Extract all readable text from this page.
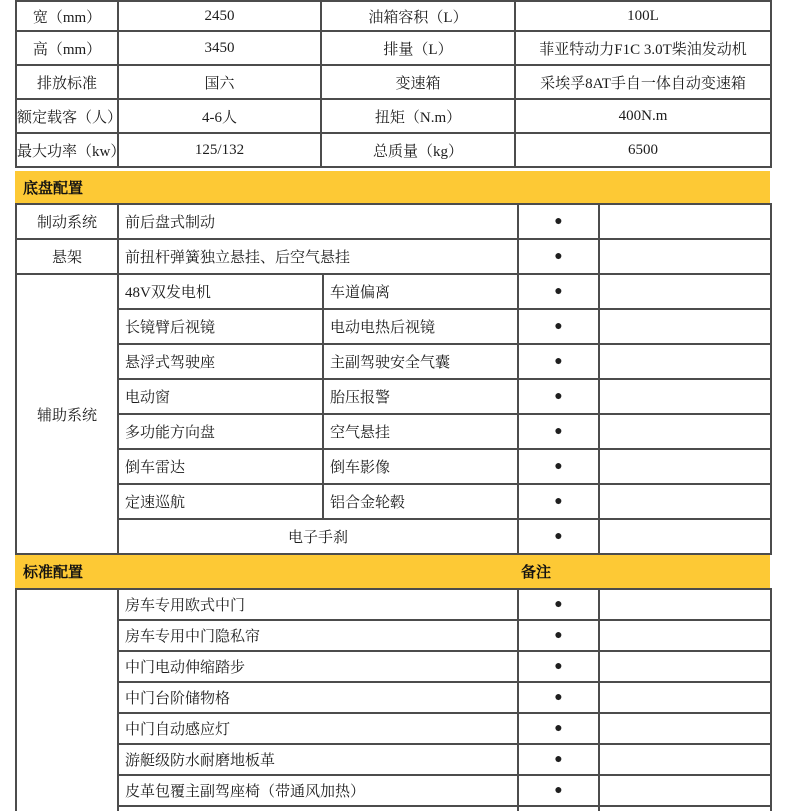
宽（mm）	2450	油箱容积（L）	100L
高（mm）	3450	排量（L）	菲亚特动力F1C 3.0T柴油发动机
排放标准	国六	变速箱	采埃孚8AT手自一体自动变速箱
额定载客（人）	4-6人	扭矩（N.m）	400N.m
最大功率（kw）	125/132	总质量（kg）	6500
底盘配置
制动系统	前后盘式制动		●	
悬架	前扭杆弹簧独立悬挂、后空气悬挂		●	
辅助系统	48V双发电机	车道偏离	●	
	长镜臂后视镜	电动电热后视镜	●	
	悬浮式驾驶座	主副驾驶安全气囊	●	
	电动窗	胎压报警	●	
	多功能方向盘	空气悬挂	●	
	倒车雷达	倒车影像	●	
	定速巡航	铝合金轮毂	●	
	电子手刹		●	
标准配置	备注
	房车专用欧式中门	●	
	房车专用中门隐私帘	●	
	中门电动伸缩踏步	●	
	中门台阶储物格	●	
	中门自动感应灯	●	
	游艇级防水耐磨地板革	●	
	皮革包覆主副驾座椅（带通风加热）	●	
